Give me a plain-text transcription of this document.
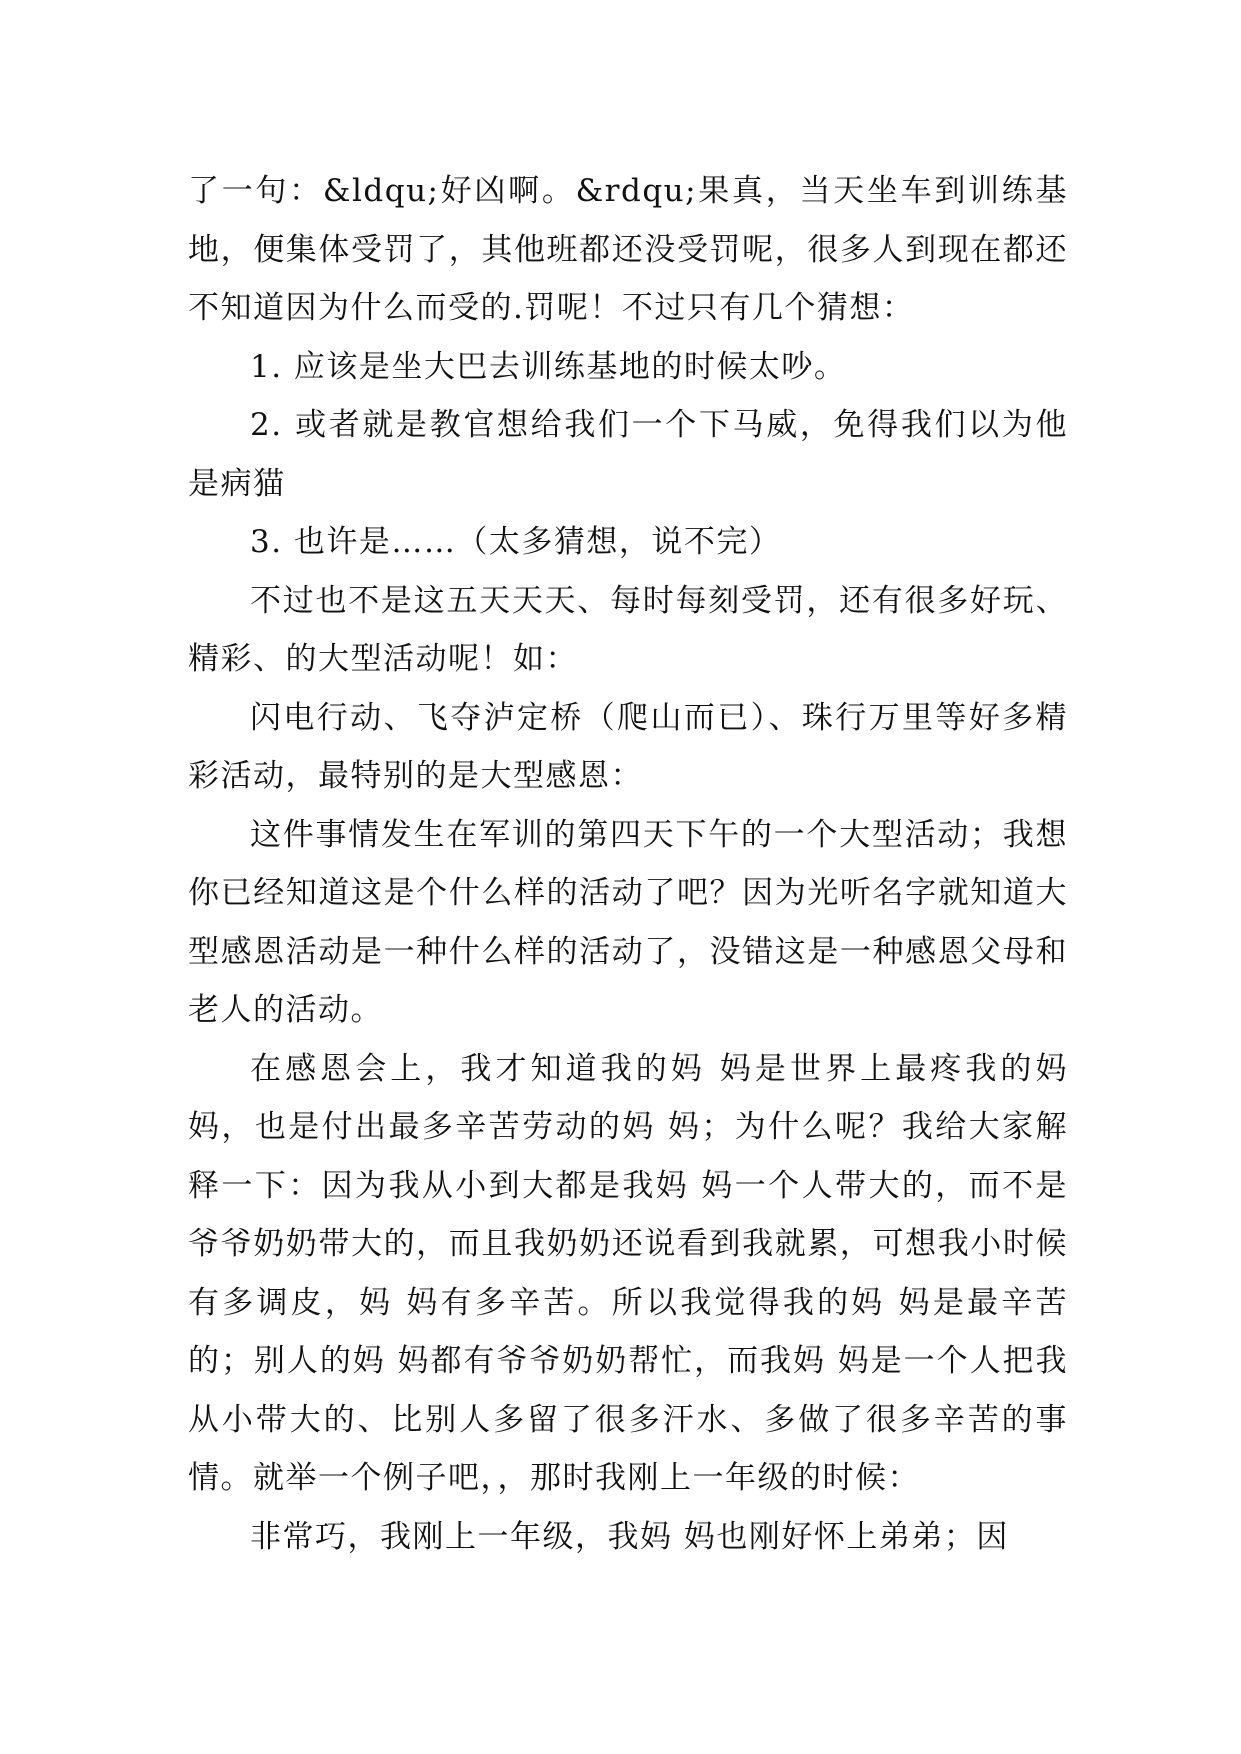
了一句：&ldqu;好凶啊。&rdqu;果真，当天坐车到训练基地，便集体受罚了，其他班都还没受罚呢，很多人到现在都还不知道因为什么而受的.罚呢！不过只有几个猜想：

1. 应该是坐大巴去训练基地的时候太吵。

2. 或者就是教官想给我们一个下马威，免得我们以为他是病猫

3. 也许是……（太多猜想，说不完）

不过也不是这五天天天、每时每刻受罚，还有很多好玩、精彩、的大型活动呢！如：

闪电行动、飞夺泸定桥（爬山而已）、珠行万里等好多精彩活动，最特别的是大型感恩：

这件事情发生在军训的第四天下午的一个大型活动；我想你已经知道这是个什么样的活动了吧？因为光听名字就知道大型感恩活动是一种什么样的活动了，没错这是一种感恩父母和老人的活动。

在感恩会上，我才知道我的妈 妈是世界上最疼我的妈妈，也是付出最多辛苦劳动的妈 妈；为什么呢？我给大家解释一下：因为我从小到大都是我妈 妈一个人带大的，而不是爷爷奶奶带大的，而且我奶奶还说看到我就累，可想我小时候有多调皮，妈 妈有多辛苦。所以我觉得我的妈 妈是最辛苦的；别人的妈 妈都有爷爷奶奶帮忙，而我妈 妈是一个人把我从小带大的、比别人多留了很多汗水、多做了很多辛苦的事情。就举一个例子吧，，那时我刚上一年级的时候：

非常巧，我刚上一年级，我妈 妈也刚好怀上弟弟；因
